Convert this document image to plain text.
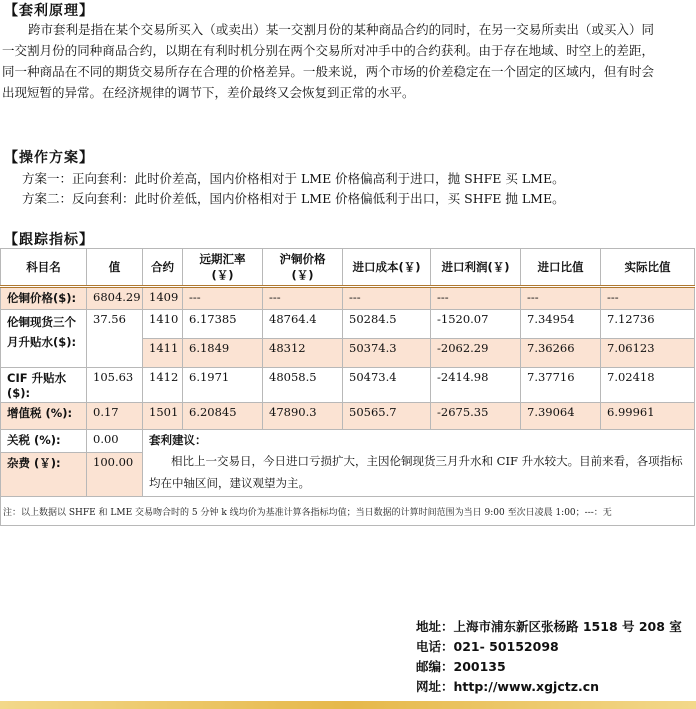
【套利原理】
跨市套利是指在某个交易所买入（或卖出）某一交割月份的某种商品合约的同时，在另一交易所卖出（或买入）同一交割月份的同种商品合约，以期在有利时机分别在两个交易所对冲手中的合约获利。由于存在地域、时空上的差距，同一种商品在不同的期货交易所存在合理的价格差异。一般来说，两个市场的价差稳定在一个固定的区域内，但有时会出现短暂的异常。在经济规律的调节下，差价最终又会恢复到正常的水平。
【操作方案】
方案一：正向套利：此时价差高，国内价格相对于 LME 价格偏高利于进口，抛 SHFE 买 LME。
方案二：反向套利：此时价差低，国内价格相对于 LME 价格偏低利于出口，买 SHFE 抛 LME。
【跟踪指标】
科目名	值	合约	远期汇率(￥)	沪铜价格(￥)	进口成本(￥)	进口利润(￥)	进口比值	实际比值
伦铜价格($):	6804.29	1409	---	---	---	---	---	---
伦铜现货三个月升贴水($):	37.56	1410	6.17385	48764.4	50284.5	-1520.07	7.34954	7.12736
		1411	6.1849	48312	50374.3	-2062.29	7.36266	7.06123
CIF 升贴水($):	105.63	1412	6.1971	48058.5	50473.4	-2414.98	7.37716	7.02418
增值税 (%):	0.17	1501	6.20845	47890.3	50565.7	-2675.35	7.39064	6.99961
关税 (%):	0.00	套利建议：
相比上一交易日，今日进口亏损扩大，主因伦铜现货三月升水和 CIF 升水较大。目前来看，各项指标均在中轴区间，建议观望为主。						

杂费 (￥):	100.00							
注：以上数据以 SHFE 和 LME 交易吻合时的 5 分钟 k 线均价为基准计算各指标均值；当日数据的计算时间范围为当日 9:00 至次日凌晨 1:00；---：无								
地址：上海市浦东新区张杨路 1518 号 208 室
电话：021- 50152098
邮编：200135
网址：http://www.xgjctz.cn
